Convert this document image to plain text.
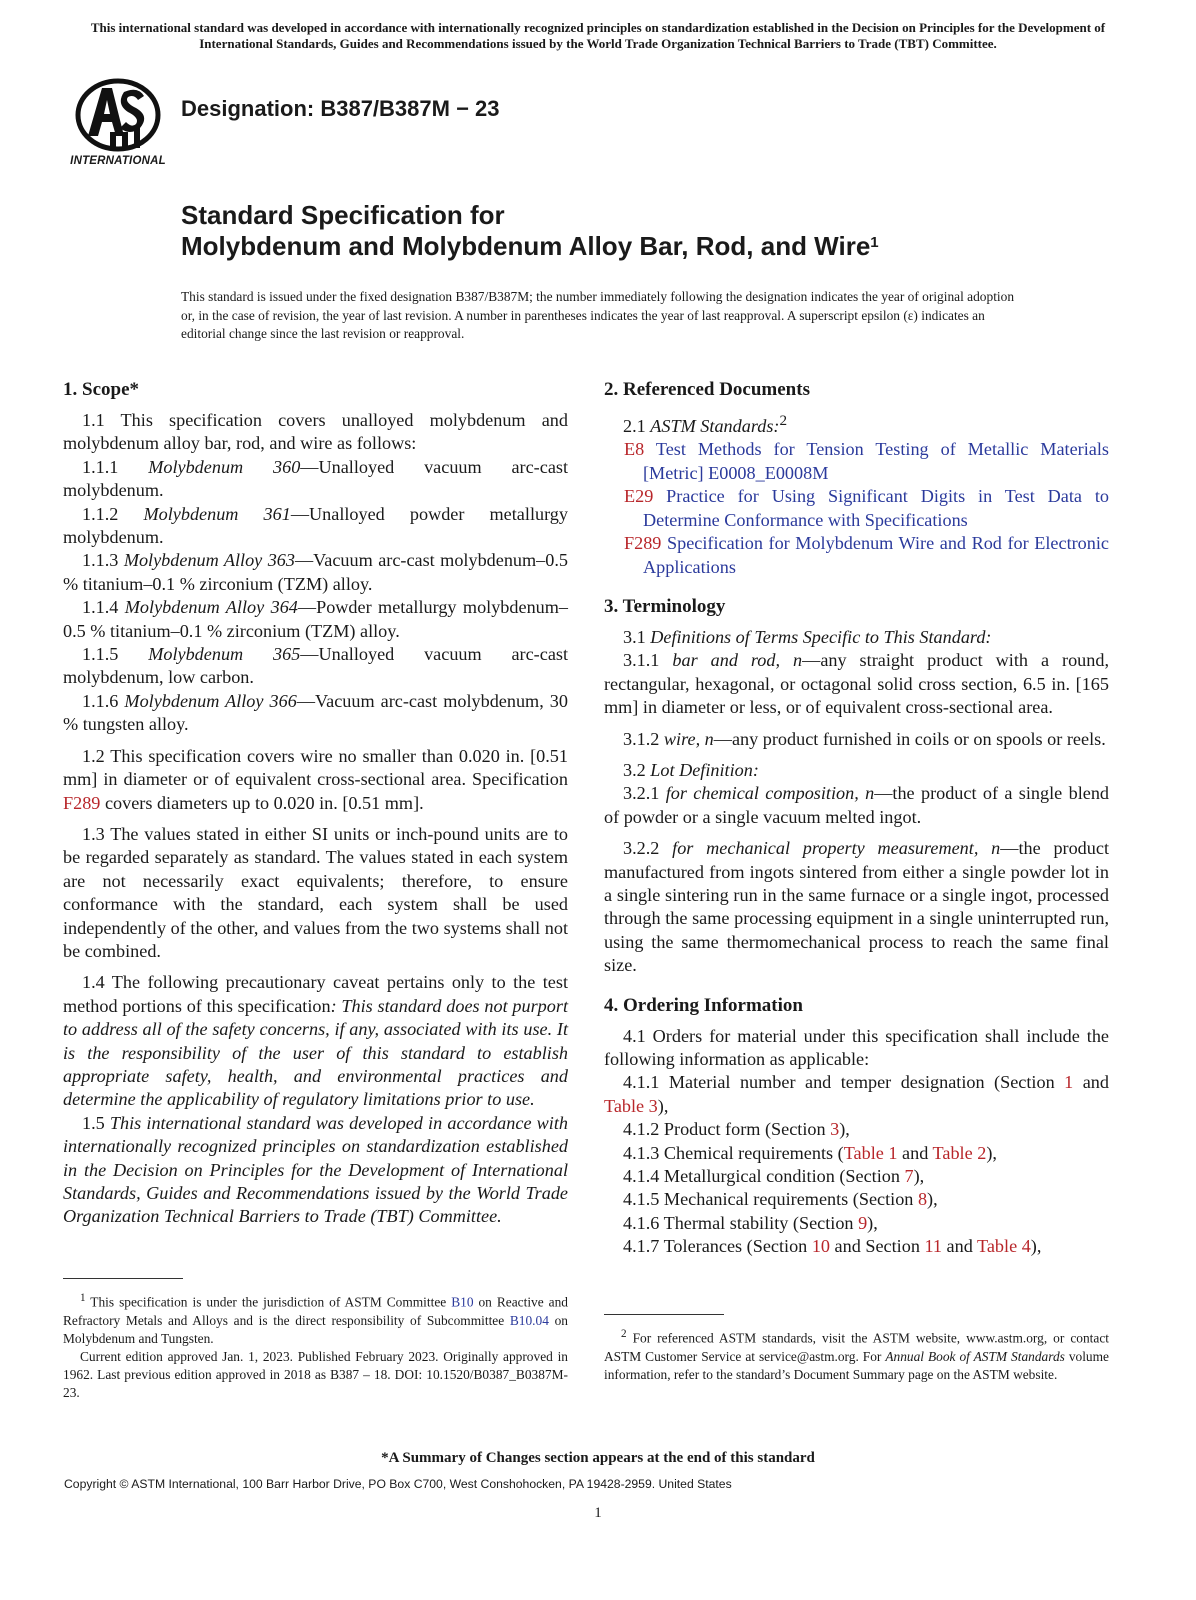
This international standard was developed in accordance with internationally recognized principles on standardization established in the Decision on Principles for the Development of International Standards, Guides and Recommendations issued by the World Trade Organization Technical Barriers to Trade (TBT) Committee.
INTERNATIONAL
Designation: B387/B387M − 23
Standard Specification for
Molybdenum and Molybdenum Alloy Bar, Rod, and Wire$^1$
This standard is issued under the fixed designation B387/B387M; the number immediately following the designation indicates the year of original adoption or, in the case of revision, the year of last revision. A number in parentheses indicates the year of last reapproval. A superscript epsilon (ε) indicates an editorial change since the last revision or reapproval.
1. Scope*

1.1 This specification covers unalloyed molybdenum and molybdenum alloy bar, rod, and wire as follows:

1.1.1 Molybdenum 360—Unalloyed vacuum arc-cast molybdenum.

1.1.2 Molybdenum 361—Unalloyed powder metallurgy molybdenum.

1.1.3 Molybdenum Alloy 363—Vacuum arc-cast molybdenum–0.5 % titanium–0.1 % zirconium (TZM) alloy.

1.1.4 Molybdenum Alloy 364—Powder metallurgy molybdenum–0.5 % titanium–0.1 % zirconium (TZM) alloy.

1.1.5 Molybdenum 365—Unalloyed vacuum arc-cast molybdenum, low carbon.

1.1.6 Molybdenum Alloy 366—Vacuum arc-cast molybdenum, 30 % tungsten alloy.

1.2 This specification covers wire no smaller than 0.020 in. [0.51 mm] in diameter or of equivalent cross-sectional area. Specification F289 covers diameters up to 0.020 in. [0.51 mm].

1.3 The values stated in either SI units or inch-pound units are to be regarded separately as standard. The values stated in each system are not necessarily exact equivalents; therefore, to ensure conformance with the standard, each system shall be used independently of the other, and values from the two systems shall not be combined.

1.4 The following precautionary caveat pertains only to the test method portions of this specification: This standard does not purport to address all of the safety concerns, if any, associated with its use. It is the responsibility of the user of this standard to establish appropriate safety, health, and environmental practices and determine the applicability of regulatory limitations prior to use.

1.5 This international standard was developed in accordance with internationally recognized principles on standardization established in the Decision on Principles for the Development of International Standards, Guides and Recommendations issued by the World Trade Organization Technical Barriers to Trade (TBT) Committee.

$^1$ This specification is under the jurisdiction of ASTM Committee B10 on Reactive and Refractory Metals and Alloys and is the direct responsibility of Subcommittee B10.04 on Molybdenum and Tungsten.

Current edition approved Jan. 1, 2023. Published February 2023. Originally approved in 1962. Last previous edition approved in 2018 as B387 – 18. DOI: 10.1520/B0387_B0387M-23.

2. Referenced Documents

2.1 ASTM Standards:$^2$

E8 Test Methods for Tension Testing of Metallic Materials [Metric] E0008_E0008M

E29 Practice for Using Significant Digits in Test Data to Determine Conformance with Specifications

F289 Specification for Molybdenum Wire and Rod for Electronic Applications

3. Terminology

3.1 Definitions of Terms Specific to This Standard:

3.1.1 bar and rod, n—any straight product with a round, rectangular, hexagonal, or octagonal solid cross section, 6.5 in. [165 mm] in diameter or less, or of equivalent cross-sectional area.

3.1.2 wire, n—any product furnished in coils or on spools or reels.

3.2 Lot Definition:

3.2.1 for chemical composition, n—the product of a single blend of powder or a single vacuum melted ingot.

3.2.2 for mechanical property measurement, n—the product manufactured from ingots sintered from either a single powder lot in a single sintering run in the same furnace or a single ingot, processed through the same processing equipment in a single uninterrupted run, using the same thermomechanical process to reach the same final size.

4. Ordering Information

4.1 Orders for material under this specification shall include the following information as applicable:

4.1.1 Material number and temper designation (Section 1 and Table 3),

4.1.2 Product form (Section 3),

4.1.3 Chemical requirements (Table 1 and Table 2),

4.1.4 Metallurgical condition (Section 7),

4.1.5 Mechanical requirements (Section 8),

4.1.6 Thermal stability (Section 9),

4.1.7 Tolerances (Section 10 and Section 11 and Table 4),

$^2$ For referenced ASTM standards, visit the ASTM website, www.astm.org, or contact ASTM Customer Service at service@astm.org. For Annual Book of ASTM Standards volume information, refer to the standard’s Document Summary page on the ASTM website.

*A Summary of Changes section appears at the end of this standard
Copyright © ASTM International, 100 Barr Harbor Drive, PO Box C700, West Conshohocken, PA 19428-2959. United States
1
